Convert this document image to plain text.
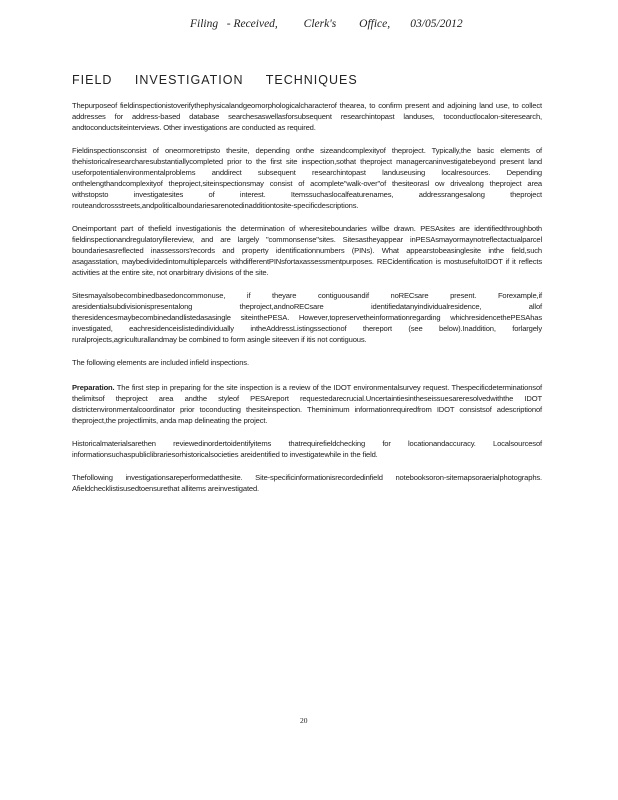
Filing   - Received,         Clerk's        Office,       03/05/2012
FIELD INVESTIGATION TECHNIQUES

Thepurposeof fieldinspectionistoverifythephysicalandgeomorphologicalcharacterof thearea, to confirm present and adjoining land use, to collect addresses for address-based database searchesaswellasforsubsequent researchintopast landuses, toconductlocalon-siteresearch, andtoconductsiteinterviews. Other investigations are conducted as required.

Fieldinspectionsconsist of oneormoretripsto thesite, depending onthe sizeandcomplexityof theproject. Typically,the basic elements of thehistoricalresearcharesubstantiallycompleted prior to the first site inspection,sothat theproject managercaninvestigatebeyond present land useforpotentialenvironmentalproblems anddirect subsequent researchintopast landuseusing localresources. Depending onthelengthandcomplexityof theproject,siteinspectionsmay consist of acomplete"walk-over"of thesiteorasl ow drivealong theproject area withstopsto investigatesites of interest. Itemssuchaslocalfeaturenames, addressrangesalong theproject routeandcrossstreets,andpoliticalboundariesarenotedinadditiontosite-specificdescriptions.

Oneimportant part of thefield investigationis the determination of wheresiteboundaries willbe drawn. PESAsites are identifiedthroughboth fieldinspectionandregulatoryfilereview, and are largely "commonsense"sites. Sitesastheyappear inPESAsmayormaynotreflectactualparcel boundariesasreflected inassessors'records and property identificationnumbers (PINs). What appearstobeasinglesite inthe field,such asagasstation, maybedividedintomultipleparcels withdifferentPINsfortaxassessmentpurposes. RECidentification is mostusefultoIDOT if it reflects activities at the entire site, not onarbitrary divisions of the site.

Sitesmayalsobecombinedbasedoncommonuse, if theyare contiguousandif noRECsare present. Forexample,if aresidentialsubdivisionispresentalong theproject,andnoRECsare identifiedatanyindividualresidence, allof theresidencesmaybecombinedandlistedasasingle siteinthePESA. However,topreservetheinformationregarding whichresidencethePESAhas investigated, eachresidenceislistedindividually intheAddressListingssectionof thereport (see below).Inaddition, forlargely ruralprojects,agriculturallandmay be combined to form asingle siteeven if itis not contiguous.

The following elements are included infield inspections.

Preparation. The first step in preparing for the site inspection is a review of the IDOT environmentalsurvey request. Thespecificdeterminationsof thelimitsof theproject area andthe styleof PESAreport requestedarecrucial.Uncertaintiesintheseissuesareresolvedwiththe IDOT districtenvironmentalcoordinator prior toconducting thesiteinspection. Theminimum informationrequiredfrom IDOT consistsof adescriptionof theproject,the projectlimits, anda map delineating the project.

Historicalmaterialsarethen reviewedinordertoidentifyitems thatrequirefieldchecking for locationandaccuracy. Localsourcesof informationsuchaspubliclibrariesorhistoricalsocieties areidentified to investigatewhile in the field.

Thefollowing investigationsareperformedatthesite. Site-specificinformationisrecordedinfield notebooksoron-sitemapsoraerialphotographs. Afieldchecklistisusedtoensurethat allitems areinvestigated.

20
